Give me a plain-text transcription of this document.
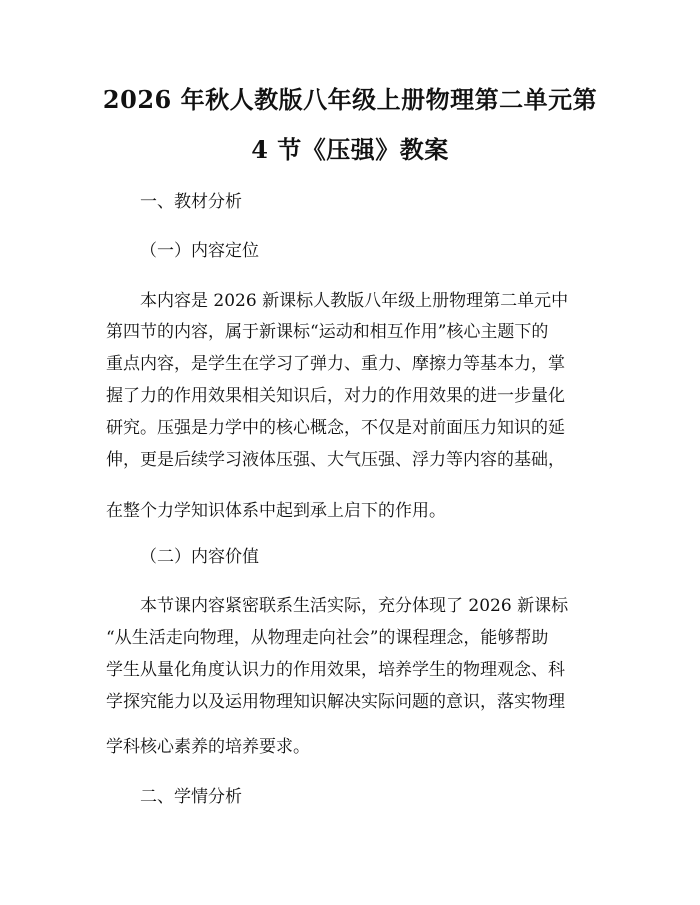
2026 年秋人教版八年级上册物理第二单元第
4 节《压强》教案
一、教材分析
（一）内容定位
本内容是 2026 新课标人教版八年级上册物理第二单元中
第四节的内容，属于新课标“运动和相互作用”核心主题下的
重点内容，是学生在学习了弹力、重力、摩擦力等基本力，掌
握了力的作用效果相关知识后，对力的作用效果的进一步量化
研究。压强是力学中的核心概念，不仅是对前面压力知识的延
伸，更是后续学习液体压强、大气压强、浮力等内容的基础，
在整个力学知识体系中起到承上启下的作用。
（二）内容价值
本节课内容紧密联系生活实际，充分体现了 2026 新课标
“从生活走向物理，从物理走向社会”的课程理念，能够帮助
学生从量化角度认识力的作用效果，培养学生的物理观念、科
学探究能力以及运用物理知识解决实际问题的意识，落实物理
学科核心素养的培养要求。
二、学情分析
